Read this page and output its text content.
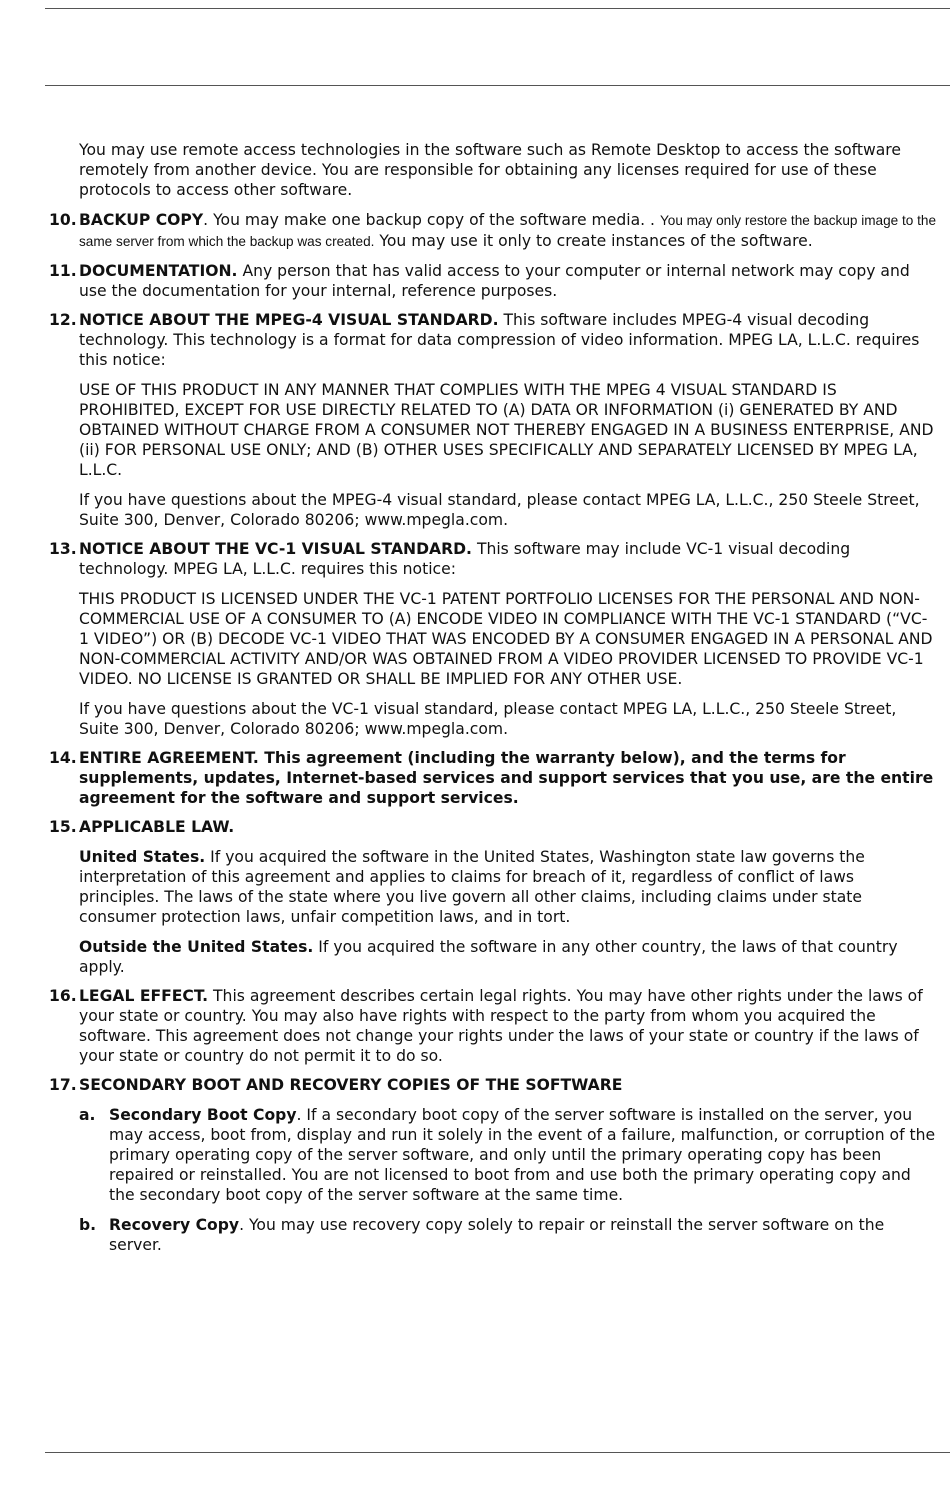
You may use remote access technologies in the software such as Remote Desktop to access the software remotely from another device. You are responsible for obtaining any licenses required for use of these protocols to access other software.

10. BACKUP COPY. You may make one backup copy of the software media. . You may only restore the backup image to the same server from which the backup was created. You may use it only to create instances of the software.

11. DOCUMENTATION. Any person that has valid access to your computer or internal network may copy and use the documentation for your internal, reference purposes.

12. NOTICE ABOUT THE MPEG-4 VISUAL STANDARD. This software includes MPEG-4 visual decoding technology. This technology is a format for data compression of video information. MPEG LA, L.L.C. requires this notice:

USE OF THIS PRODUCT IN ANY MANNER THAT COMPLIES WITH THE MPEG 4 VISUAL STANDARD IS PROHIBITED, EXCEPT FOR USE DIRECTLY RELATED TO (A) DATA OR INFORMATION (i) GENERATED BY AND OBTAINED WITHOUT CHARGE FROM A CONSUMER NOT THEREBY ENGAGED IN A BUSINESS ENTERPRISE, AND (ii) FOR PERSONAL USE ONLY; AND (B) OTHER USES SPECIFICALLY AND SEPARATELY LICENSED BY MPEG LA, L.L.C.

If you have questions about the MPEG-4 visual standard, please contact MPEG LA, L.L.C., 250 Steele Street, Suite 300, Denver, Colorado 80206; www.mpegla.com.

13. NOTICE ABOUT THE VC-1 VISUAL STANDARD. This software may include VC-1 visual decoding technology. MPEG LA, L.L.C. requires this notice:

THIS PRODUCT IS LICENSED UNDER THE VC-1 PATENT PORTFOLIO LICENSES FOR THE PERSONAL AND NON-COMMERCIAL USE OF A CONSUMER TO (A) ENCODE VIDEO IN COMPLIANCE WITH THE VC-1 STANDARD (“VC-1 VIDEO”) OR (B) DECODE VC-1 VIDEO THAT WAS ENCODED BY A CONSUMER ENGAGED IN A PERSONAL AND NON-COMMERCIAL ACTIVITY AND/OR WAS OBTAINED FROM A VIDEO PROVIDER LICENSED TO PROVIDE VC-1 VIDEO. NO LICENSE IS GRANTED OR SHALL BE IMPLIED FOR ANY OTHER USE.

If you have questions about the VC-1 visual standard, please contact MPEG LA, L.L.C., 250 Steele Street, Suite 300, Denver, Colorado 80206; www.mpegla.com.

14. ENTIRE AGREEMENT. This agreement (including the warranty below), and the terms for supplements, updates, Internet-based services and support services that you use, are the entire agreement for the software and support services.

15. APPLICABLE LAW.

United States. If you acquired the software in the United States, Washington state law governs the interpretation of this agreement and applies to claims for breach of it, regardless of conflict of laws principles. The laws of the state where you live govern all other claims, including claims under state consumer protection laws, unfair competition laws, and in tort.

Outside the United States. If you acquired the software in any other country, the laws of that country apply.

16. LEGAL EFFECT. This agreement describes certain legal rights. You may have other rights under the laws of your state or country. You may also have rights with respect to the party from whom you acquired the software. This agreement does not change your rights under the laws of your state or country if the laws of your state or country do not permit it to do so.

17. SECONDARY BOOT AND RECOVERY COPIES OF THE SOFTWARE

a. Secondary Boot Copy. If a secondary boot copy of the server software is installed on the server, you may access, boot from, display and run it solely in the event of a failure, malfunction, or corruption of the primary operating copy of the server software, and only until the primary operating copy has been repaired or reinstalled. You are not licensed to boot from and use both the primary operating copy and the secondary boot copy of the server software at the same time.

b. Recovery Copy. You may use recovery copy solely to repair or reinstall the server software on the server.
